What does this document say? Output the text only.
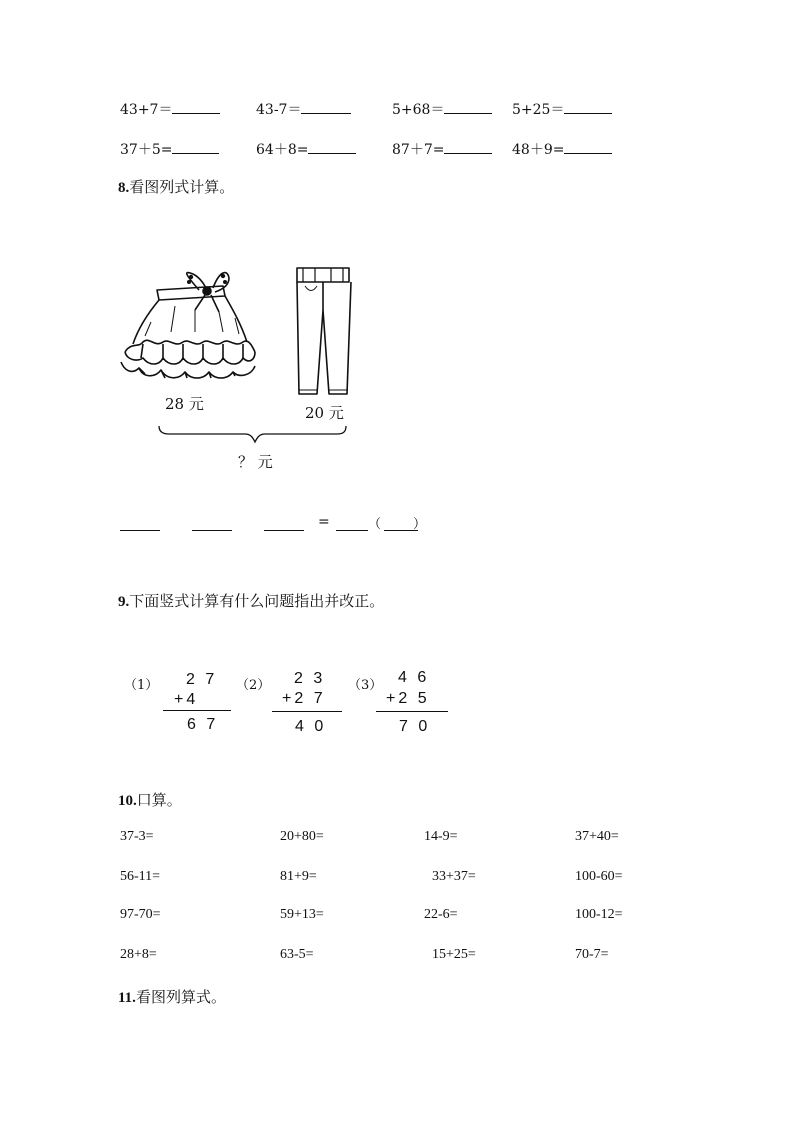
43+7＝	43-7＝	5+68＝	5+25＝
37＋5=	64＋8=	87＋7=	48＋9=
8.看图列式计算。
28 元	20 元
？ 元
=	（ ）
9.下面竖式计算有什么问题指出并改正。
（1） 2 7
+4
6 7
（2） 2 3
+2 7
4 0
（3） 4 6
+2 5
7 0
10.口算。
37-3=	20+80=	14-9=	37+40=
56-11=	81+9=	33+37=	100-60=
97-70=	59+13=	22-6=	100-12=
28+8=	63-5=	15+25=	70-7=
11.看图列算式。
